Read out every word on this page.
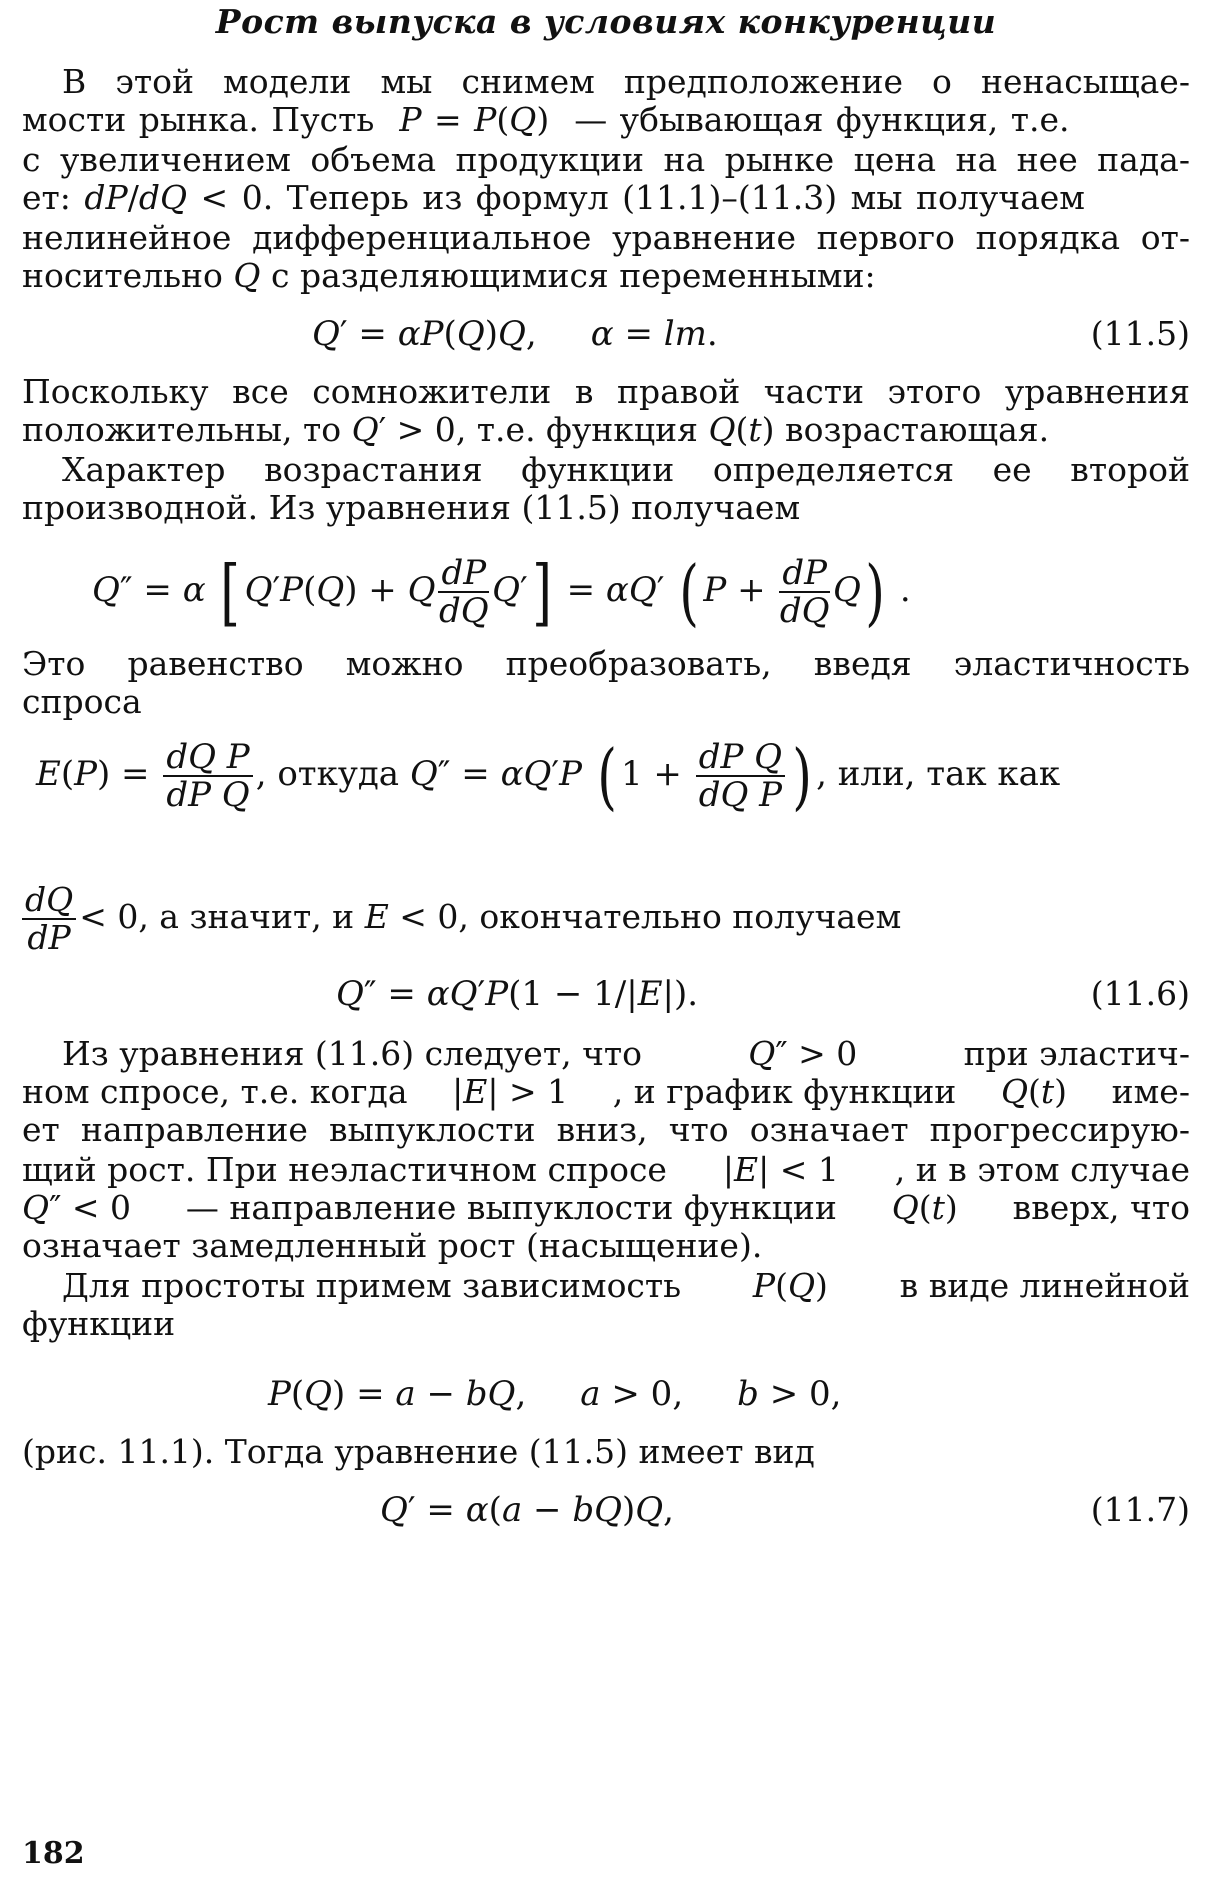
Рост выпуска в условиях конкуренции
В этой модели мы снимем предположение о ненасыщае-
мости рынка. Пусть P = P(Q)  — убывающая функция, т.е.
с увеличением объема продукции на рынке цена на нее пада-
ет: dP/dQ < 0. Теперь из формул (11.1)–(11.3) мы получаем
нелинейное дифференциальное уравнение первого порядка от-
носительно Q с разделяющимися переменными:
Q′ = αP(Q)Q,     α = lm.	(11.5)
Поскольку все сомножители в правой части этого уравнения
положительны, то Q′ > 0, т.е. функция Q(t) возрастающая.
Характер возрастания функции определяется ее второй
производной. Из уравнения (11.5) получаем
Q″ = α [ Q′P(Q) + Q $\frac{dP}{dQ} Q'] = \alpha Q'$ ( $P + \frac{dP}{dQ} Q$) .
Это равенство можно преобразовать, введя эластичность
спроса
$E(P) = \frac{\text{dQ P}}{\text{dP Q}}$ , откуда Q″ = αQ′P ( $1 + \frac{\text{dP Q}}{\text{dQ P}}$ ) , или, так как
$\frac{dQ}{dP} < 0$, а значит, и E < 0, окончательно получаем
Q″ = αQ′P(1 − 1/|E|).	(11.6)
Из уравнения (11.6) следует, что	Q″ > 0	при эластич-
ном спросе, т.е. когда |E| > 1 , и график функции Q(t) име-
ет направление выпуклости вниз, что означает прогрессирую-
щий рост. При неэластичном спросе |E| < 1 , и в этом случае
Q″ < 0 — направление выпуклости функции Q(t) вверх, что
означает замедленный рост (насыщение).
Для простоты примем зависимость P(Q) в виде линейной
функции
P(Q) = a − bQ,     a > 0,     b > 0,
(рис. 11.1). Тогда уравнение (11.5) имеет вид
Q′ = α(a − bQ)Q,	(11.7)
182
